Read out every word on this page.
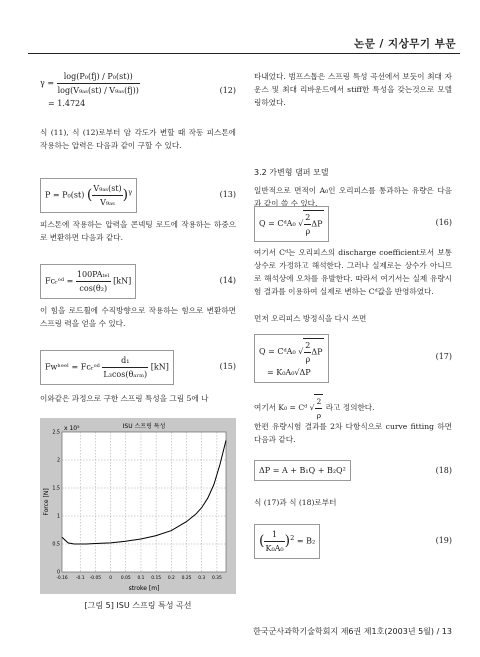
논문 / 지상무기 부문
$\gamma = \frac{\text{log(P₀(fj) / P₀(st))}}{\text{log(V₉ₐₛ(st) / V₉ₐₛ(fj))}}$
= 1.4724
(12)
식 (11), 식 (12)로부터 암 각도가 변할 때 작동 피스톤에 작용하는 압력은 다음과 같이 구할 수 있다.
P = P₀(st) ( $\frac{\text{V₉ₐₛ(st)}}{\text{V₉ₐₛ}} )^\gamma$	(13)
피스톤에 작용하는 압력을 콘넥팅 로드에 작용하는 하중으로 변환하면 다음과 같다.
Fᴄᵣᵒᵈ = $\frac{\text{100PAₜₑₗ}}{\text{cos(θ₂)}} [kN]$	(14)
이 힘을 로드휠에 수직방향으로 작용하는 힘으로 변환하면 스프링 력을 얻을 수 있다.
Fᴡʰᵉᵉˡ = Fᴄᵣᵒᵈ $\frac{\text{d₁}}{\text{L₃cos(θₐᵣₘ)}} [kN]$	(15)
이와같은 과정으로 구한 스프링 특성을 그림 5에 나
ISU 스프링 특성
x 10⁵
stroke [m]
Force [N]
-0.16 -0.1 -0.05 0 0.05 0.1 0.15 0.2 0.25 0.3 0.35
0
0.5
1
1.5
2
2.5
[그림 5] ISU 스프링 특성 곡선
타내었다. 범프스톱은 스프링 특성 곡선에서 보듯이 최대 자운스 및 최대 리바운드에서 stiff한 특성을 갖는것으로 모델링하였다.
3.2 가변형 댐퍼 모델
일반적으로 면적이 A₀인 오리피스를 통과하는 유량은 다음과 같이 쓸 수 있다.
Q = CᵈA₀ √ $\frac{2}{\rho}$ ΔP	(16)
여기서 Cᵈ는 오리피스의 discharge coefficient로서 보통 상수로 가정하고 해석한다. 그러나 실제로는 상수가 아니므로 해석상에 오차를 유발한다. 따라서 여기서는 실제 유량시험 결과를 이용하여 실제로 변하는 Cᵈ값을 반영하였다.
먼저 오리피스 방정식을 다시 쓰면
Q = CᵈA₀ √ $\frac{2}{\rho}$ ΔP
= K₀A₀√ΔP
(17)
여기서 K₀ = Cᵈ √ $\frac{2}{\rho}$ 라고 정의한다.
한편 유량시험 결과를 2차 다항식으로 curve fitting 하면 다음과 같다.
ΔP = A + B₁Q + B₂Q²	(18)
식 (17)과 식 (18)로부터
( $\frac{1}{\text{K₀A₀}} )^2 = B_2$	(19)
한국군사과학기술학회지 제6권 제1호(2003년 5월) / 13
